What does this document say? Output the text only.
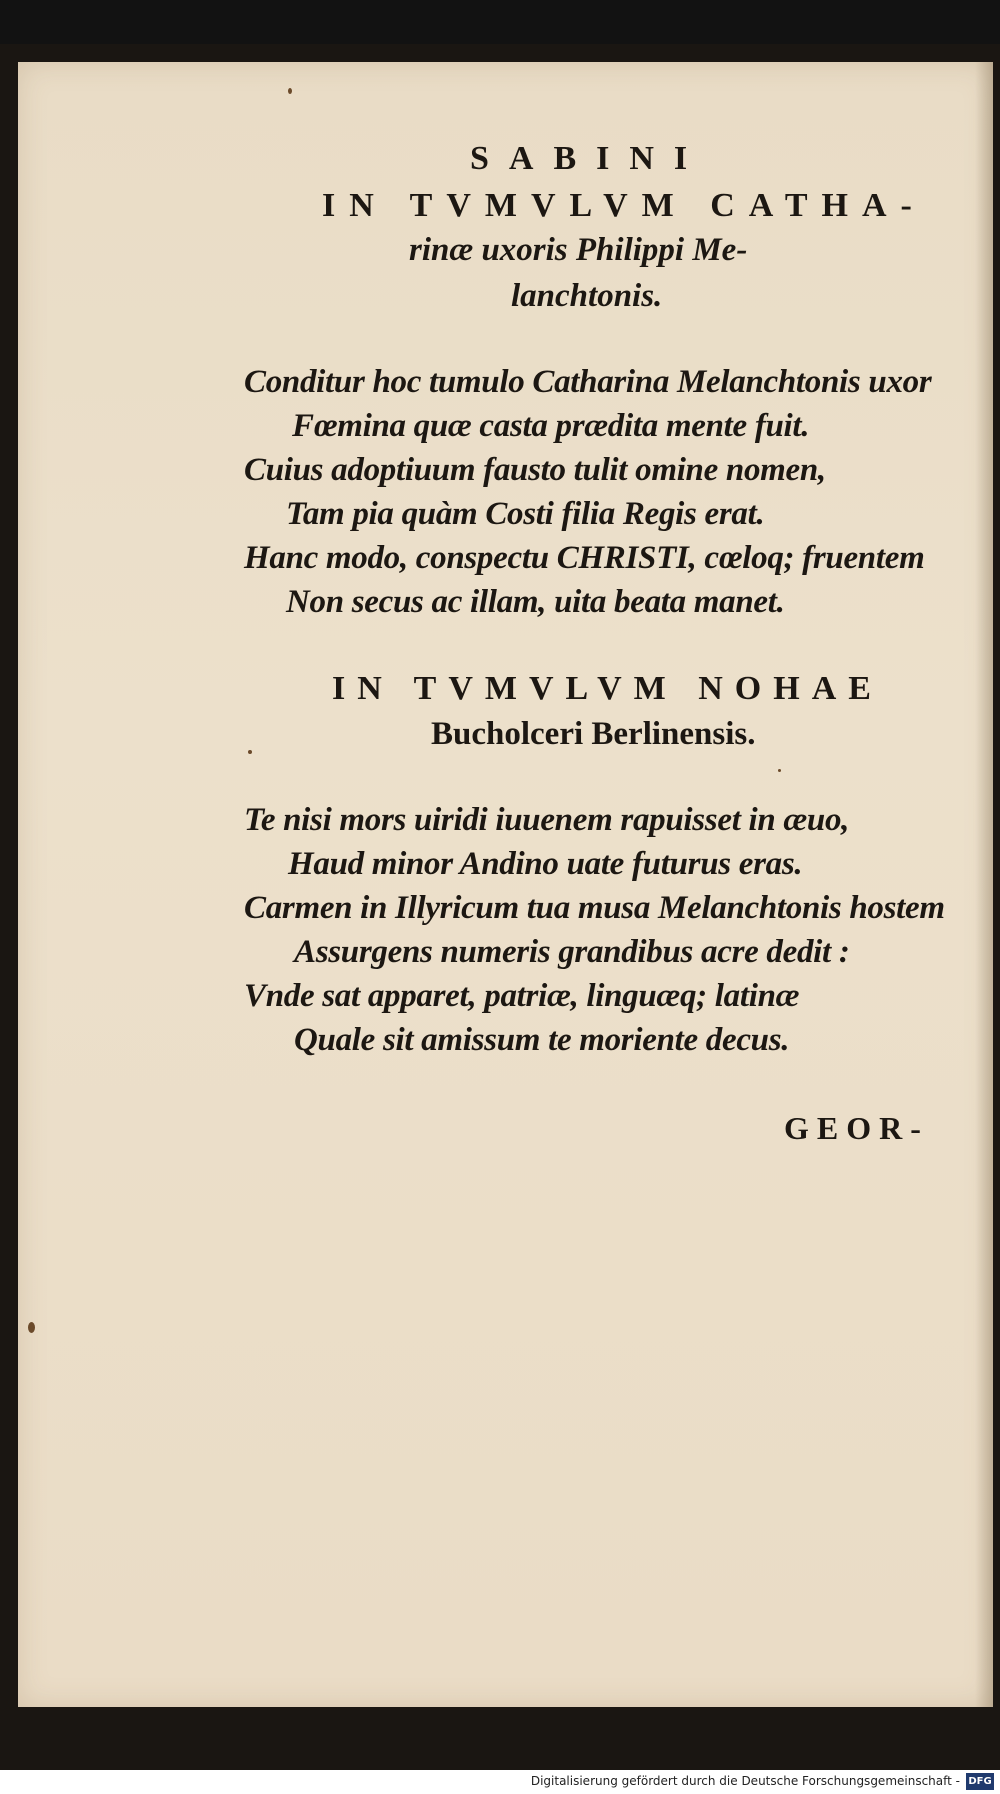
SABINI
IN TVMVLVM CATHA-
rinæ uxoris Philippi Me-
lanchtonis.
Conditur hoc tumulo Catharina Melanchtonis uxor
Fœmina quæ casta prædita mente fuit.
Cuius adoptiuum fausto tulit omine nomen,
Tam pia quàm Costi filia Regis erat.
Hanc modo, conspectu CHRISTI, cœloq; fruentem
Non secus ac illam, uita beata manet.
IN TVMVLVM NOHAE
Bucholceri Berlinensis.
Te nisi mors uiridi iuuenem rapuisset in æuo,
Haud minor Andino uate futurus eras.
Carmen in Illyricum tua musa Melanchtonis hostem
Assurgens numeris grandibus acre dedit :
Vnde sat apparet, patriæ, linguæq; latinæ
Quale sit amissum te moriente decus.
GEOR-
Digitalisierung gefördert durch die Deutsche Forschungsgemeinschaft - DFG
